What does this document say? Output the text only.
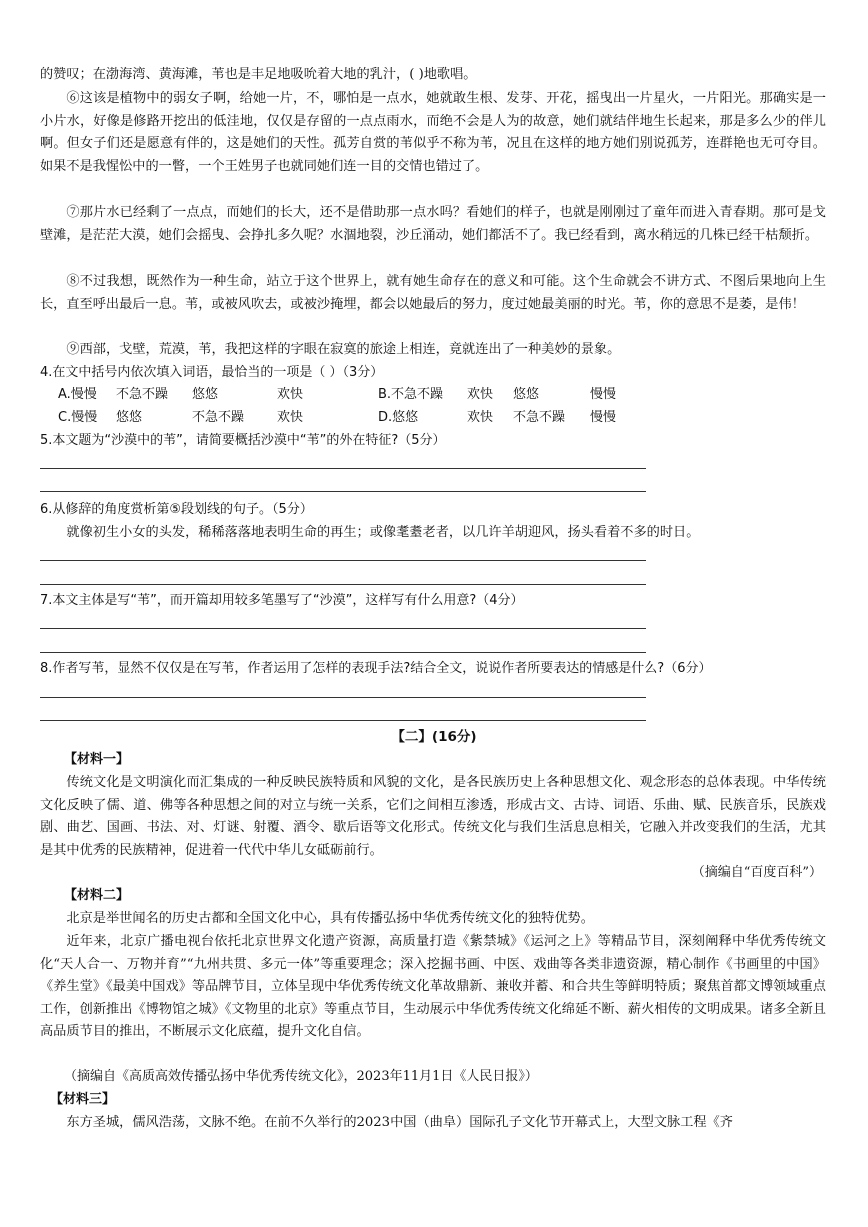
的赞叹；在渤海湾、黄海滩，苇也是丰足地吸吮着大地的乳汁，( )地歌唱。

⑥这该是植物中的弱女子啊，给她一片，不，哪怕是一点水，她就敢生根、发芽、开花，摇曳出一片星火，一片阳光。那确实是一小片水，好像是修路开挖出的低洼地，仅仅是存留的一点点雨水，而绝不会是人为的故意，她们就结伴地生长起来，那是多么少的伴儿啊。但女子们还是愿意有伴的，这是她们的天性。孤芳自赏的苇似乎不称为苇，况且在这样的地方她们别说孤芳，连群艳也无可夺目。如果不是我惺忪中的一瞥，一个王姓男子也就同她们连一目的交情也错过了。

⑦那片水已经剩了一点点，而她们的长大，还不是借助那一点水吗？看她们的样子，也就是刚刚过了童年而进入青春期。那可是戈壁滩，是茫茫大漠，她们会摇曳、会挣扎多久呢？水涸地裂，沙丘涌动，她们都活不了。我已经看到，离水稍远的几株已经干枯颓折。

⑧不过我想，既然作为一种生命，站立于这个世界上，就有她生命存在的意义和可能。这个生命就会不讲方式、不图后果地向上生长，直至呼出最后一息。苇，或被风吹去，或被沙掩埋，都会以她最后的努力，度过她最美丽的时光。苇，你的意思不是萎，是伟！

⑨西部，戈壁，荒漠，苇，我把这样的字眼在寂寞的旅途上相连，竟就连出了一种美妙的景象。

4.在文中括号内依次填入词语，最恰当的一项是（ ）（3分）

A.慢慢 不急不躁 悠悠	欢快	B.不急不躁 欢快 悠悠	慢慢
C.慢慢 悠悠	不急不躁	欢快	D.悠悠	欢快 不急不躁 慢慢

5.本文题为“沙漠中的苇”，请简要概括沙漠中“苇”的外在特征?（5分）

6.从修辞的角度赏析第⑤段划线的句子。（5分）

就像初生小女的头发，稀稀落落地表明生命的再生；或像耄耋老者，以几许羊胡迎风，扬头看着不多的时日。

7.本文主体是写“苇”，而开篇却用较多笔墨写了“沙漠”，这样写有什么用意?（4分）

8.作者写苇，显然不仅仅是在写苇，作者运用了怎样的表现手法?结合全文，说说作者所要表达的情感是什么?（6分）

【二】(16分)
【材料一】

传统文化是文明演化而汇集成的一种反映民族特质和风貌的文化，是各民族历史上各种思想文化、观念形态的总体表现。中华传统文化反映了儒、道、佛等各种思想之间的对立与统一关系，它们之间相互渗透，形成古文、古诗、词语、乐曲、赋、民族音乐，民族戏剧、曲艺、国画、书法、对、灯谜、射覆、酒令、歇后语等文化形式。传统文化与我们生活息息相关，它融入并改变我们的生活，尤其是其中优秀的民族精神，促进着一代代中华儿女砥砺前行。

（摘编自“百度百科”）
【材料二】

北京是举世闻名的历史古都和全国文化中心，具有传播弘扬中华优秀传统文化的独特优势。

近年来，北京广播电视台依托北京世界文化遗产资源，高质量打造《紫禁城》《运河之上》等精品节目，深刻阐释中华优秀传统文化“天人合一、万物并育”“九州共贯、多元一体”等重要理念；深入挖掘书画、中医、戏曲等各类非遗资源，精心制作《书画里的中国》《养生堂》《最美中国戏》等品牌节目，立体呈现中华优秀传统文化革故鼎新、兼收并蓄、和合共生等鲜明特质；聚焦首都文博领域重点工作，创新推出《博物馆之城》《文物里的北京》等重点节目，生动展示中华优秀传统文化绵延不断、薪火相传的文明成果。诸多全新且高品质节目的推出，不断展示文化底蕴，提升文化自信。

（摘编自《高质高效传播弘扬中华优秀传统文化》，2023年11月1日《人民日报》）
【材料三】

东方圣城，儒风浩荡，文脉不绝。在前不久举行的2023中国（曲阜）国际孔子文化节开幕式上，大型文脉工程《齐
